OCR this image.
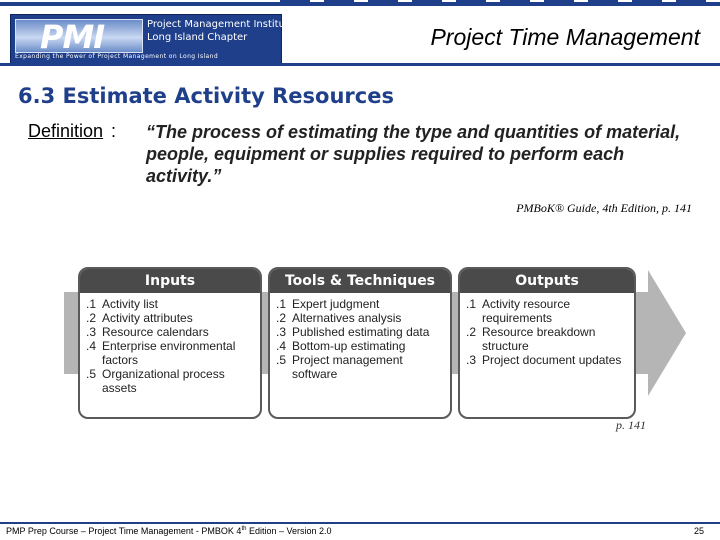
PMI	Project Management Institute
Long Island Chapter
Expanding the Power of Project Management on Long Island
Project Time Management
6.3 Estimate Activity Resources
Definition : “The process of estimating the type and quantities of material, people, equipment or supplies required to perform each activity.”
PMBoK® Guide, 4th Edition, p. 141
Inputs
.1 Activity list
.2 Activity attributes
.3 Resource calendars
.4 Enterprise environmental factors
.5 Organizational process assets
Tools & Techniques
.1 Expert judgment
.2 Alternatives analysis
.3 Published estimating data
.4 Bottom-up estimating
.5 Project management software
Outputs
.1 Activity resource requirements
.2 Resource breakdown structure
.3 Project document updates
p. 141
PMP Prep Course – Project Time Management - PMBOK 4th Edition – Version 2.0	25
